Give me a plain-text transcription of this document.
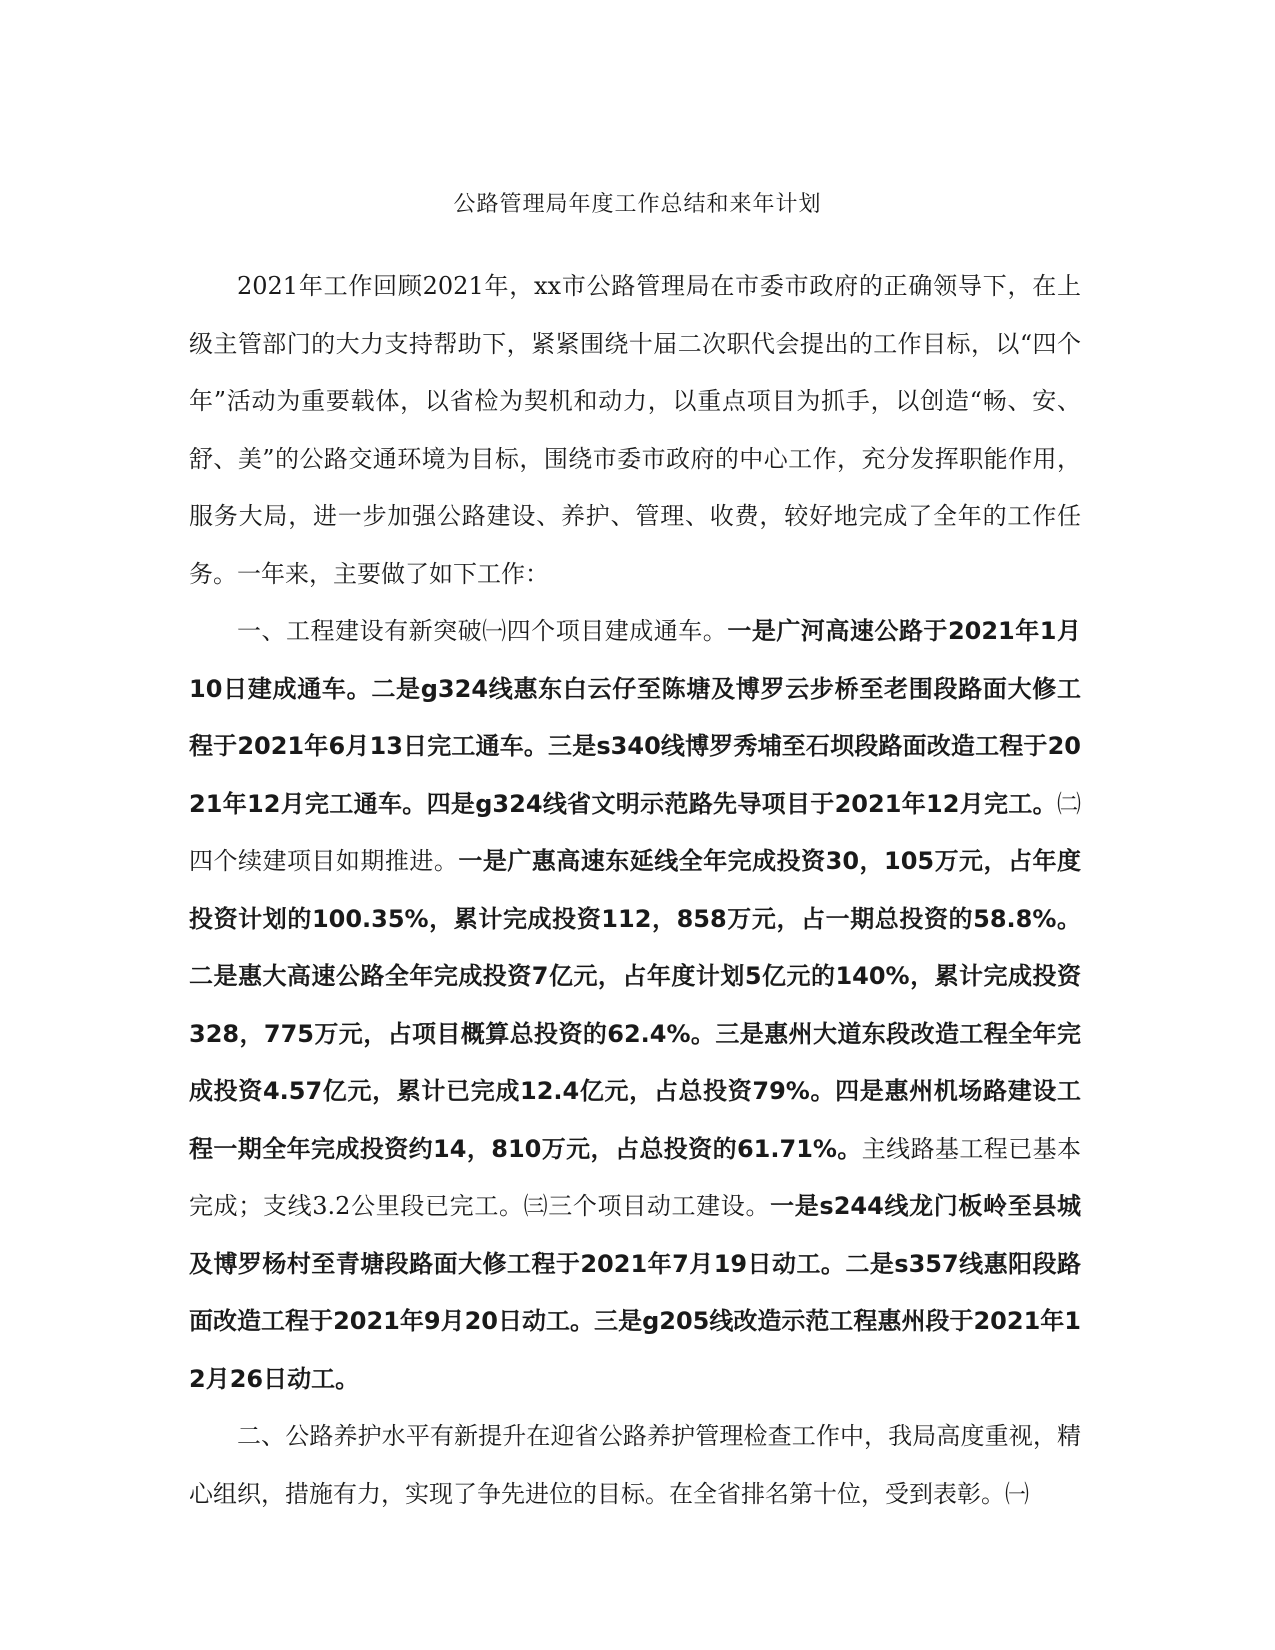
公路管理局年度工作总结和来年计划

2021年工作回顾2021年，xx市公路管理局在市委市政府的正确领导下，在上级主管部门的大力支持帮助下，紧紧围绕十届二次职代会提出的工作目标，以“四个年”活动为重要载体，以省检为契机和动力，以重点项目为抓手，以创造“畅、安、舒、美”的公路交通环境为目标，围绕市委市政府的中心工作，充分发挥职能作用，服务大局，进一步加强公路建设、养护、管理、收费，较好地完成了全年的工作任务。一年来，主要做了如下工作：

一、工程建设有新突破㈠四个项目建成通车。一是广河高速公路于2021年1月10日建成通车。二是g324线惠东白云仔至陈塘及博罗云步桥至老围段路面大修工程于2021年6月13日完工通车。三是s340线博罗秀埔至石坝段路面改造工程于2021年12月完工通车。四是g324线省文明示范路先导项目于2021年12月完工。㈡四个续建项目如期推进。一是广惠高速东延线全年完成投资30，105万元，占年度投资计划的100.35%，累计完成投资112，858万元，占一期总投资的58.8%。二是惠大高速公路全年完成投资7亿元，占年度计划5亿元的140%，累计完成投资328，775万元，占项目概算总投资的62.4%。三是惠州大道东段改造工程全年完成投资4.57亿元，累计已完成12.4亿元，占总投资79%。四是惠州机场路建设工程一期全年完成投资约14，810万元，占总投资的61.71%。主线路基工程已基本完成；支线3.2公里段已完工。㈢三个项目动工建设。一是s244线龙门板岭至县城及博罗杨村至青塘段路面大修工程于2021年7月19日动工。二是s357线惠阳段路面改造工程于2021年9月20日动工。三是g205线改造示范工程惠州段于2021年12月26日动工。

二、公路养护水平有新提升在迎省公路养护管理检查工作中，我局高度重视，精心组织，措施有力，实现了争先进位的目标。在全省排名第十位，受到表彰。㈠
